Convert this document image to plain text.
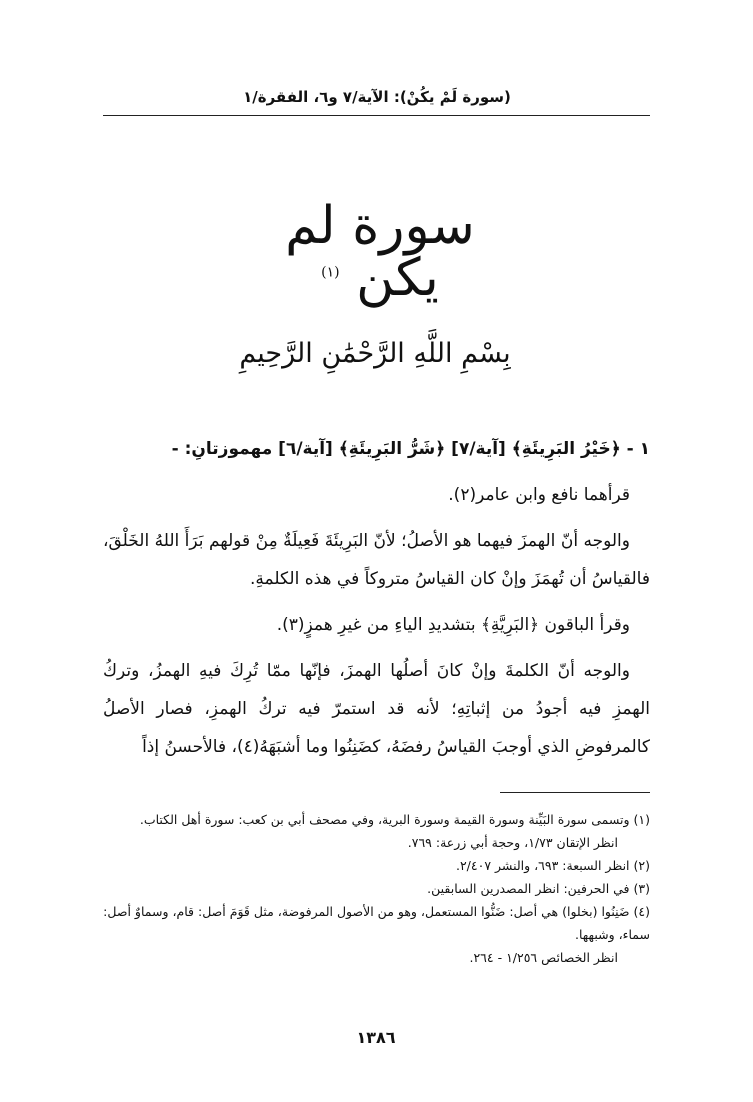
(سورة لَمْ يكُنْ): الآية/٧ و٦، الفقرة/١
سورة لم يكن $^{(١)}$
بِسْمِ اللَّهِ الرَّحْمَٰنِ الرَّحِيمِ

١ - ﴿خَيْرُ البَرِيئَةِ﴾ [آية/٧] ﴿شَرُّ البَرِيئَةِ﴾ [آية/٦] مهموزتانِ: -

قرأهما نافع وابن عامر(٢).

والوجه أنّ الهمزَ فيهما هو الأصلُ؛ لأنّ البَرِيئَةَ فَعِيلَةٌ مِنْ قولهم بَرَأَ اللهُ الخَلْقَ، فالقياسُ أن تُهمَزَ وإنْ كان القياسُ متروكاً في هذه الكلمةِ.

وقرأ الباقون ﴿البَرِيَّةِ﴾ بتشديدِ الياءِ من غيرِ همزٍ(٣).

والوجه أنّ الكلمةَ وإنْ كانَ أصلُها الهمزَ، فإنّها ممّا تُرِكَ فيهِ الهمزُ، وتركُ الهمزِ فيه أجودُ من إثباتِهِ؛ لأنه قد استمرّ فيه تركُ الهمزِ، فصار الأصلُ كالمرفوضِ الذي أوجبَ القياسُ رفضَهُ، كضَنِنُوا وما أشبَهَهُ(٤)، فالأحسنُ إذاً

(١) وتسمى سورة البَيِّنة وسورة القيمة وسورة البرية، وفي مصحف أبي بن كعب: سورة أهل الكتاب.

انظر الإتقان ١/٧٣، وحجة أبي زرعة: ٧٦٩.

(٢) انظر السبعة: ٦٩٣، والنشر ٢/٤٠٧.

(٣) في الحرفين: انظر المصدرين السابقين.

(٤) ضَنِنُوا (بخلوا) هي أصل: ضَنُّوا المستعمل، وهو من الأصول المرفوضة، مثل قَوَمَ أصل: قام، وسماوٌ أصل: سماء، وشبهها.

انظر الخصائص ١/٢٥٦ - ٢٦٤.

١٣٨٦
